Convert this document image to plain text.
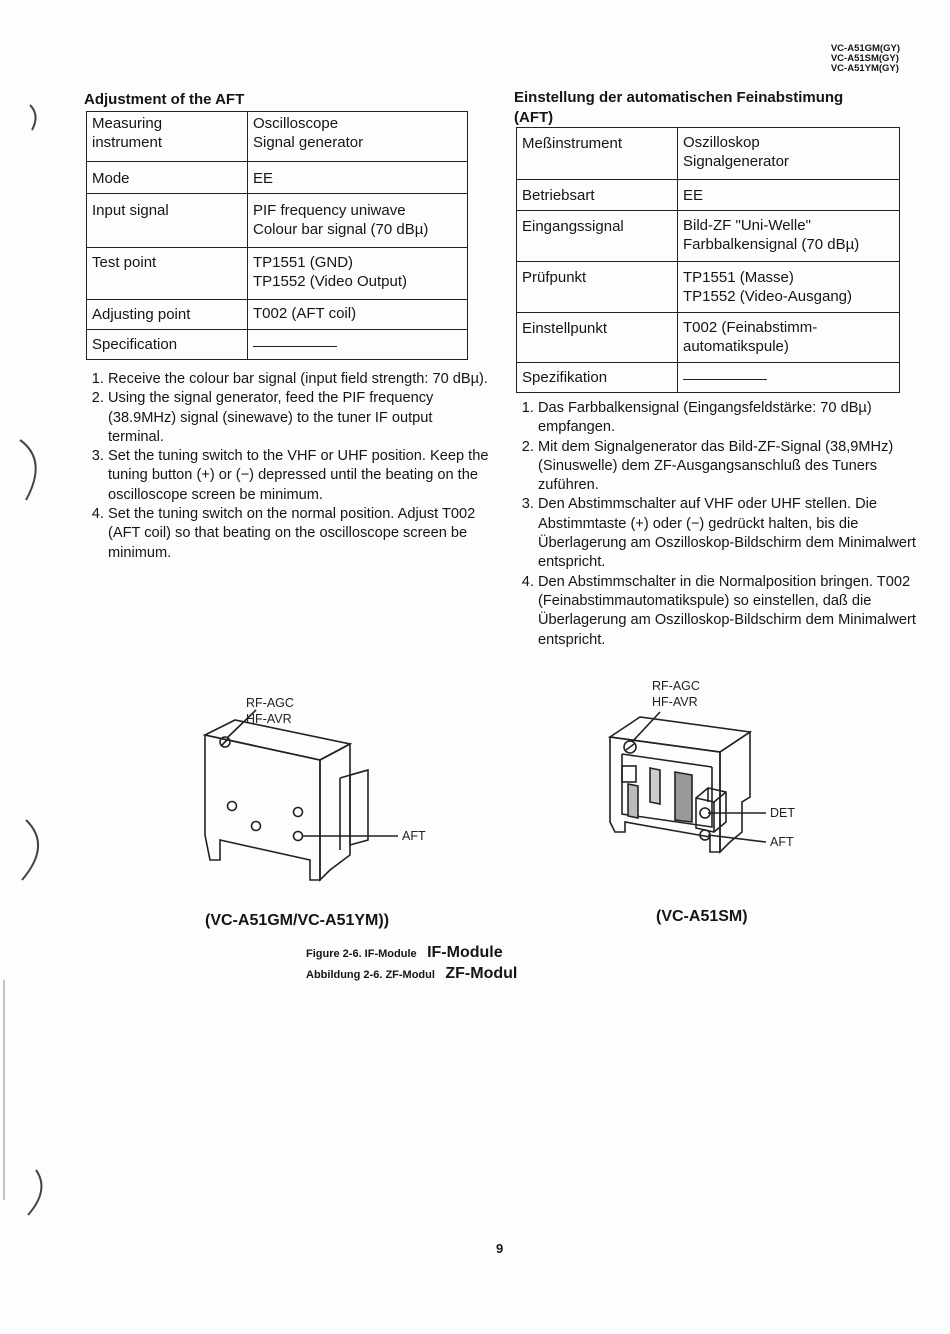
VC-A51GM(GY)
VC-A51SM(GY)
VC-A51YM(GY)
Adjustment of the AFT
Measuring
instrument	Oscilloscope
Signal generator
Mode	EE
Input signal	PIF frequency uniwave
Colour bar signal (70 dBµ)
Test point	TP1551 (GND)
TP1552 (Video Output)
Adjusting point	T002 (AFT coil)
Specification	
1. Receive the colour bar signal (input field strength: 70 dBµ).
2. Using the signal generator, feed the PIF frequency (38.9MHz) signal (sinewave) to the tuner IF output terminal.
3. Set the tuning switch to the VHF or UHF position. Keep the tuning button (+) or (−) depressed until the beating on the oscilloscope screen be minimum.
4. Set the tuning switch on the normal position. Adjust T002 (AFT coil) so that beating on the oscilloscope screen be minimum.
Einstellung der automatischen Feinabstimung
(AFT)
Meßinstrument	Oszilloskop
Signalgenerator
Betriebsart	EE
Eingangssignal	Bild-ZF "Uni-Welle"
Farbbalkensignal (70 dBµ)
Prüfpunkt	TP1551 (Masse)
TP1552 (Video-Ausgang)
Einstellpunkt	T002 (Feinabstimm-
automatikspule)
Spezifikation	
1. Das Farbbalkensignal (Eingangsfeldstärke: 70 dBµ) empfangen.
2. Mit dem Signalgenerator das Bild-ZF-Signal (38,9MHz) (Sinuswelle) dem ZF-Ausgangsanschluß des Tuners zuführen.
3. Den Abstimmschalter auf VHF oder UHF stellen. Die Abstimmtaste (+) oder (−) gedrückt halten, bis die Überlagerung am Oszilloskop-Bildschirm dem Minimalwert entspricht.
4. Den Abstimmschalter in die Normalposition bringen. T002 (Feinabstimmautomatikspule) so einstellen, daß die Überlagerung am Oszilloskop-Bildschirm dem Minimalwert entspricht.
RF-AGC
HF-AVR
AFT
RF-AGC
HF-AVR
DET
AFT
(VC-A51GM/VC-A51YM))	(VC-A51SM)
Figure 2-6. IF-Module IF-Module
Abbildung 2-6. ZF-Modul ZF-Modul
9
